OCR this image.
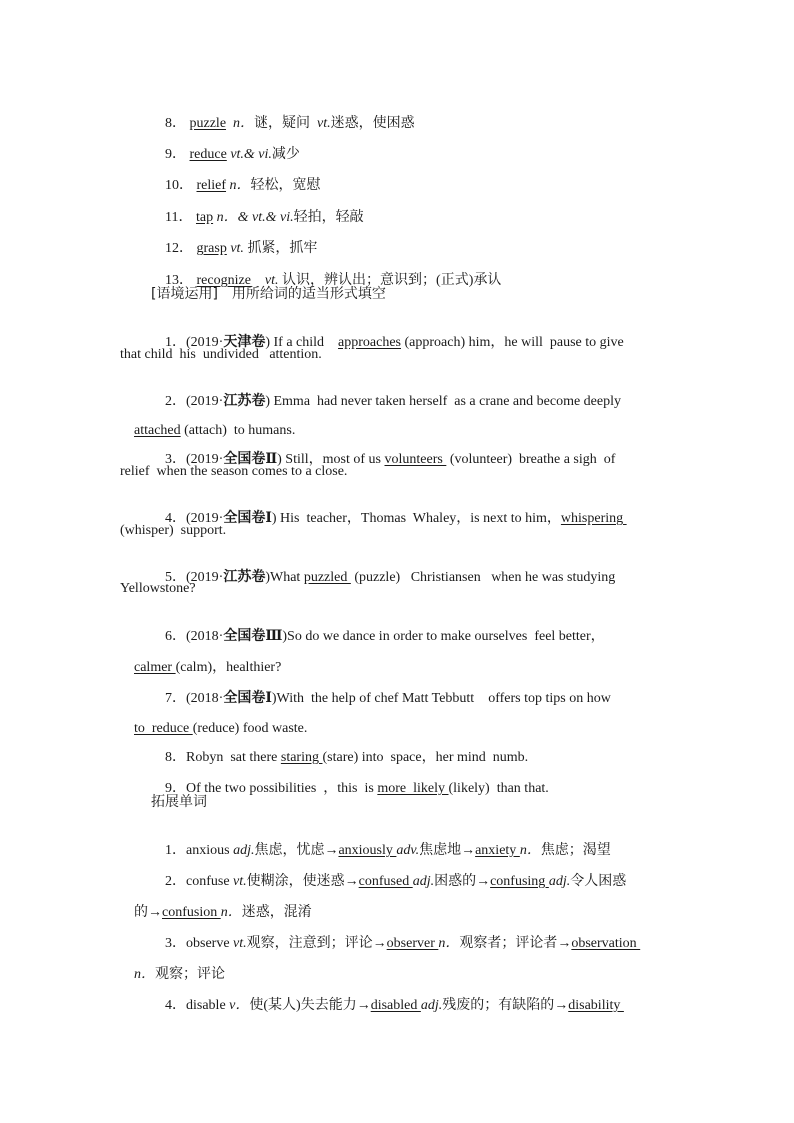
8． puzzle n．谜，疑问 vt.迷惑，使困惑

9． reduce vt.& vi.减少

10． relief n．轻松，宽慰

11． tap n．& vt.& vi.轻拍，轻敲

12． grasp vt. 抓紧，抓牢

13． recognize vt. 认识，辨认出；意识到；(正式)承认

[语境运用]　用所给词的适当形式填空

1．(2019·天津卷) If a child    approaches (approach) him，he will  pause to give

that child  his  undivided   attention.

2．(2019·江苏卷) Emma  had never taken herself  as a crane and become deeply

attached (attach)  to humans.

3．(2019·全国卷Ⅱ) Still，most of us volunteers  (volunteer)  breathe a sigh  of

relief  when the season comes to a close.

4．(2019·全国卷Ⅰ) His  teacher，Thomas  Whaley，is next to him，whispering

(whisper)  support.

5．(2019·江苏卷)What puzzled  (puzzle)   Christiansen   when he was studying

Yellowstone?

6．(2018·全国卷Ⅲ)So do we dance in order to make ourselves  feel better，

calmer (calm)，healthier?

7．(2018·全国卷Ⅰ)With  the help of chef Matt Tebbutt    offers top tips on how

to  reduce (reduce) food waste.

8．Robyn  sat there staring (stare) into  space，her mind  numb.

9．Of the two possibilities  ，this  is more  likely (likely)  than that.

拓展单词

1．anxious adj.焦虑，忧虑→anxiously adv.焦虑地→anxiety n．焦虑；渴望

2．confuse vt.使糊涂，使迷惑→confused adj.困惑的→confusing adj.令人困惑

的→confusion n．迷惑，混淆

3．observe vt.观察，注意到；评论→observer n．观察者；评论者→observation

n．观察；评论

4．disable v．使(某人)失去能力→disabled adj.残废的；有缺陷的→disability
